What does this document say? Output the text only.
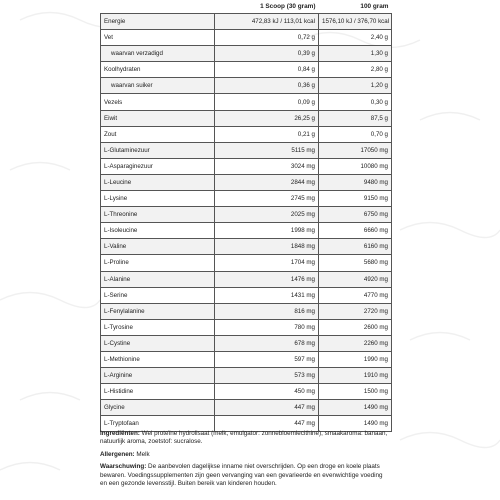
	1 Scoop (30 gram)	100 gram
Energie	472,83 kJ / 113,01 kcal	1576,10 kJ / 376,70 kcal
Vet	0,72 g	2,40 g
waarvan verzadigd	0,39 g	1,30 g
Koolhydraten	0,84 g	2,80 g
waarvan suiker	0,36 g	1,20 g
Vezels	0,09 g	0,30 g
Eiwit	26,25 g	87,5 g
Zout	0,21 g	0,70 g
L-Glutaminezuur	5115 mg	17050 mg
L-Asparaginezuur	3024 mg	10080 mg
L-Leucine	2844 mg	9480 mg
L-Lysine	2745 mg	9150 mg
L-Threonine	2025 mg	6750 mg
L-Isoleucine	1998 mg	6660 mg
L-Valine	1848 mg	6160 mg
L-Proline	1704 mg	5680 mg
L-Alanine	1476 mg	4920 mg
L-Serine	1431 mg	4770 mg
L-Fenylalanine	816 mg	2720 mg
L-Tyrosine	780 mg	2600 mg
L-Cystine	678 mg	2260 mg
L-Methionine	597 mg	1990 mg
L-Arginine	573 mg	1910 mg
L-Histidine	450 mg	1500 mg
Glycine	447 mg	1490 mg
L-Tryptofaan	447 mg	1490 mg
Ingrediënten: Wei proteïne hydrolisaat (melk, emulgator: zonnebloemlecithine), smaakaroma: banaan, natuurlijk aroma, zoetstof: sucralose.
Allergenen: Melk
Waarschuwing: De aanbevolen dagelijkse inname niet overschrijden. Op een droge en koele plaats bewaren. Voedingssupplementen zijn geen vervanging van een gevarieerde en evenwichtige voeding en een gezonde levensstijl. Buiten bereik van kinderen houden.
